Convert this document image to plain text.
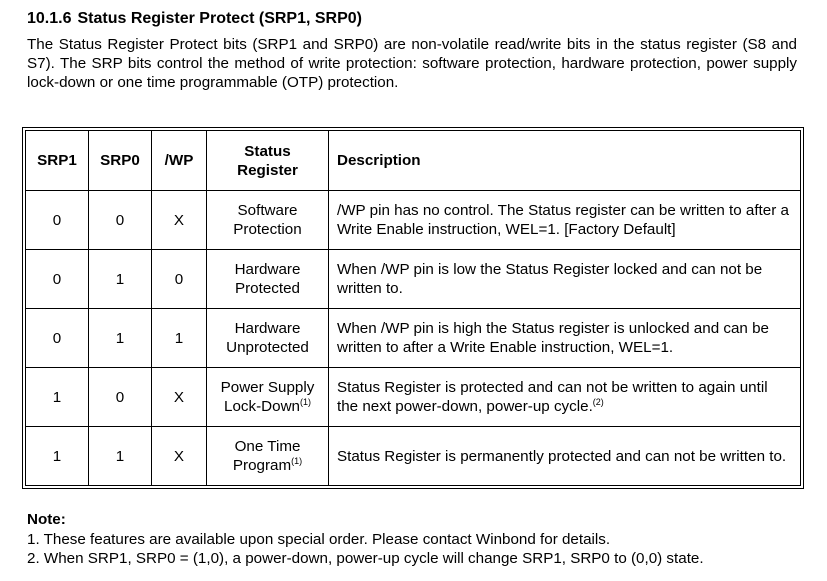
10.1.6 Status Register Protect (SRP1, SRP0)

The Status Register Protect bits (SRP1 and SRP0) are non-volatile read/write bits in the status register (S8 and S7). The SRP bits control the method of write protection: software protection, hardware protection, power supply lock-down or one time programmable (OTP) protection.

SRP1	SRP0	/WP	Status Register	Description
0	0	X	Software Protection	/WP pin has no control. The Status register can be written to after a Write Enable instruction, WEL=1. [Factory Default]
0	1	0	Hardware Protected	When /WP pin is low the Status Register locked and can not be written to.
0	1	1	Hardware Unprotected	When /WP pin is high the Status register is unlocked and can be written to after a Write Enable instruction, WEL=1.
1	0	X	Power Supply Lock-Down$^{(1)}$	Status Register is protected and can not be written to again until the next power-down, power-up cycle.$^{(2)}$
1	1	X	One Time Program$^{(1)}$	Status Register is permanently protected and can not be written to.

Note:

1. These features are available upon special order. Please contact Winbond for details.
2. When SRP1, SRP0 = (1,0), a power-down, power-up cycle will change SRP1, SRP0 to (0,0) state.
